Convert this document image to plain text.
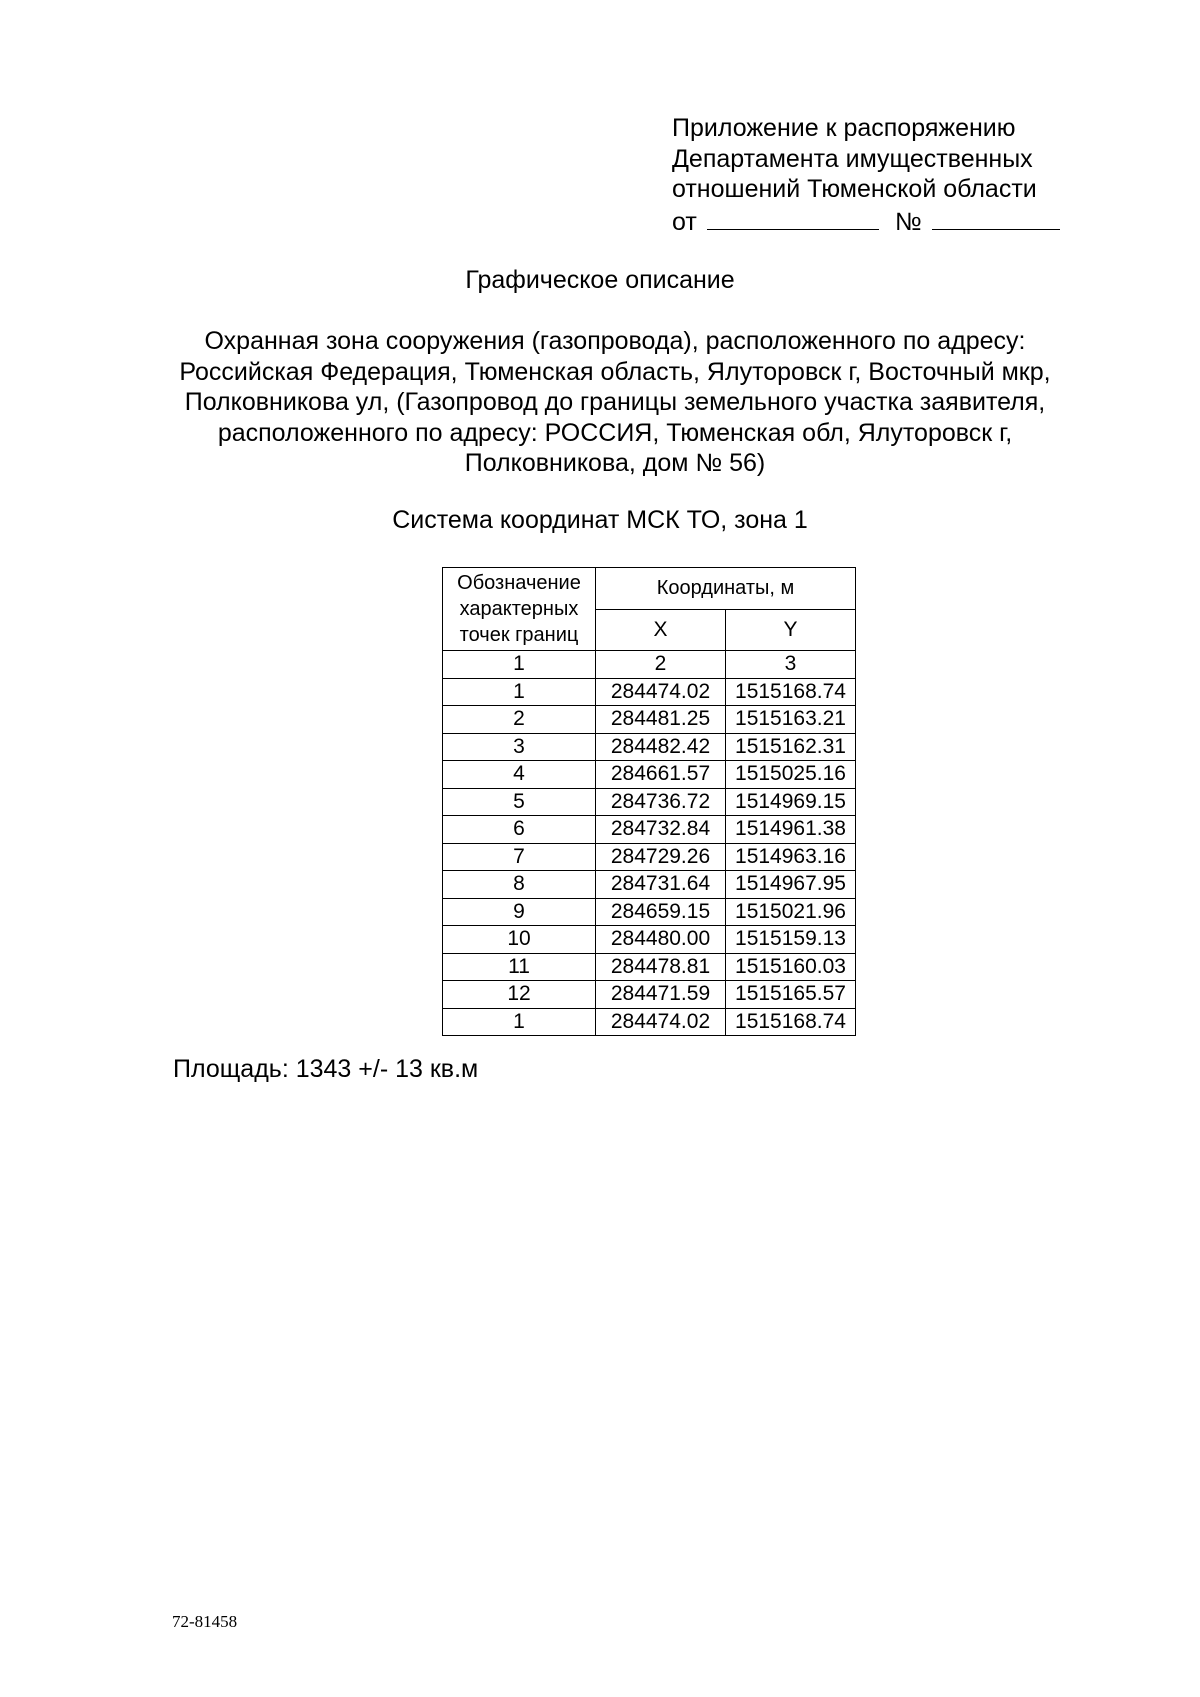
Приложение к распоряжению
Департамента имущественных
отношений Тюменской области
от	№
Графическое описание
Охранная зона сооружения (газопровода), расположенного по адресу:
Российская Федерация, Тюменская область, Ялуторовск г, Восточный мкр,
Полковникова ул, (Газопровод до границы земельного участка заявителя,
расположенного по адресу: РОССИЯ, Тюменская обл, Ялуторовск г,
Полковникова, дом № 56)
Система координат МСК ТО, зона 1
Обозначение
характерных
точек границ	Координаты, м	
	X	Y
1	2	3
1	284474.02	1515168.74
2	284481.25	1515163.21
3	284482.42	1515162.31
4	284661.57	1515025.16
5	284736.72	1514969.15
6	284732.84	1514961.38
7	284729.26	1514963.16
8	284731.64	1514967.95
9	284659.15	1515021.96
10	284480.00	1515159.13
11	284478.81	1515160.03
12	284471.59	1515165.57
1	284474.02	1515168.74
Площадь: 1343 +/- 13 кв.м
72-81458
